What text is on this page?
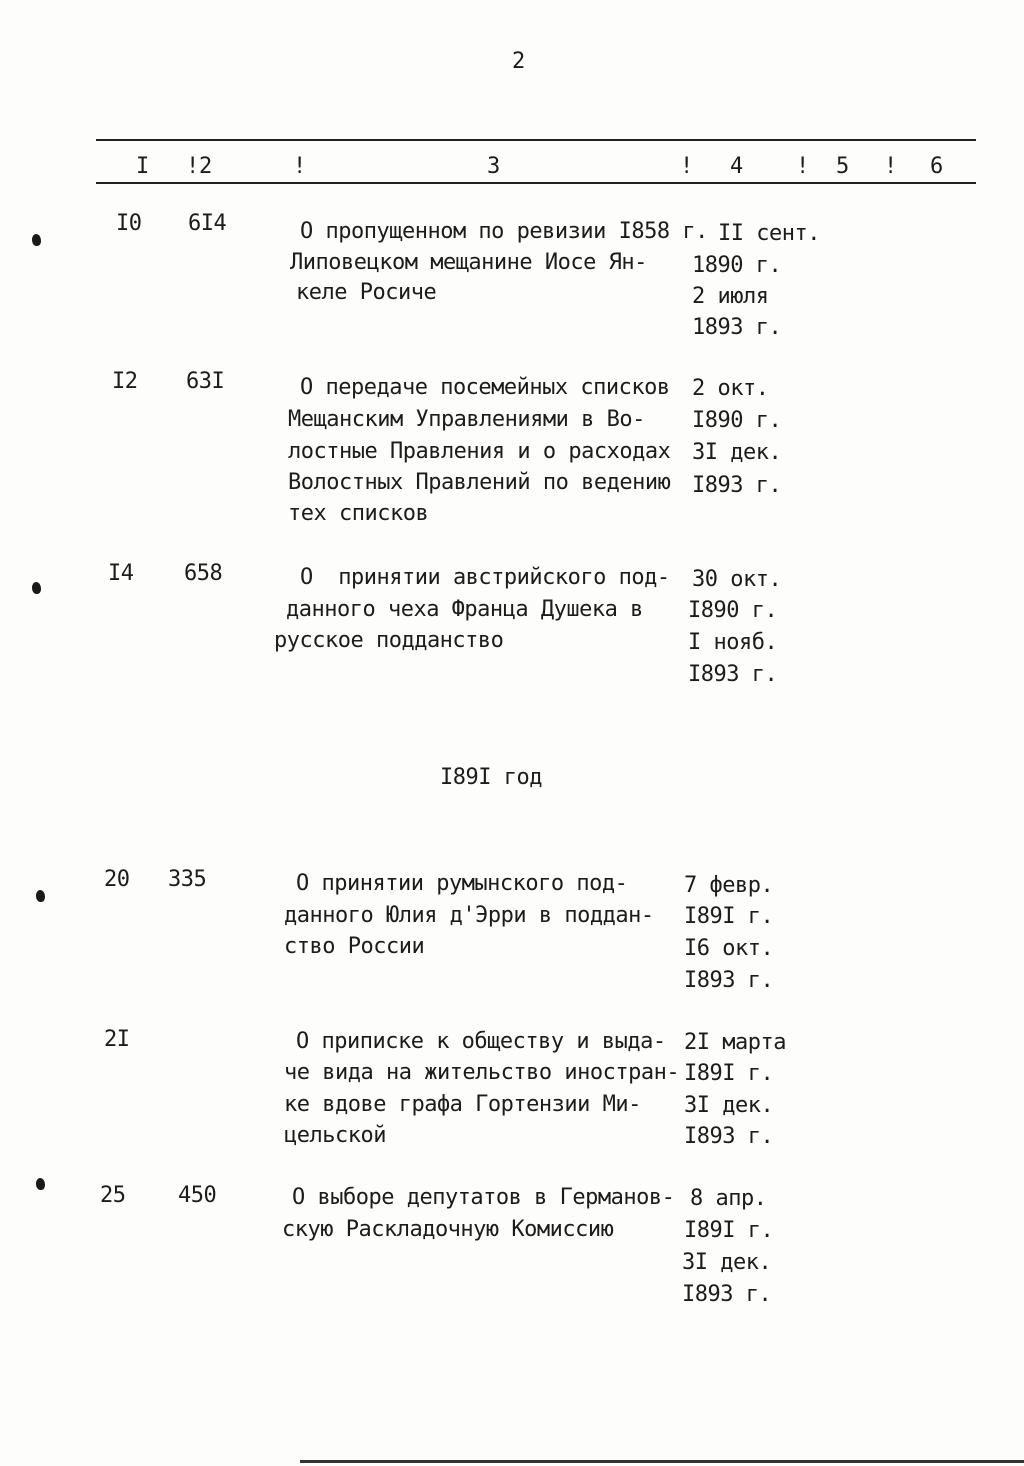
2
I ! 2	!	3	! 4 ! 5 ! 6
I0 6I4	О пропущенном по ревизии I858 г.
Липовецком мещанине Иосе Ян-
келе Росиче
II сент.
1890 г.
2 июля
1893 г.
I2 63I	О передаче посемейных списков
Мещанским Управлениями в Во-
лостные Правления и о расходах
Волостных Правлений по ведению
тех списков
2 окт.
I890 г.
3I дек.
I893 г.
I4 658	О  принятии австрийского под-
данного чеха Франца Душека в
русское подданство
30 окт.
I890 г.
I нояб.
I893 г.
I89I год
20 335	О принятии румынского под-
данного Юлия д'Эрри в поддан-
ство России
7 февр.
I89I г.
I6 окт.
I893 г.
2I	О приписке к обществу и выда-
че вида на жительство иностран-
ке вдове графа Гортензии Ми-
цельской
2I марта
I89I г.
3I дек.
I893 г.
25 450	О выборе депутатов в Германов-
скую Раскладочную Комиссию
8 апр.
I89I г.
3I дек.
I893 г.
